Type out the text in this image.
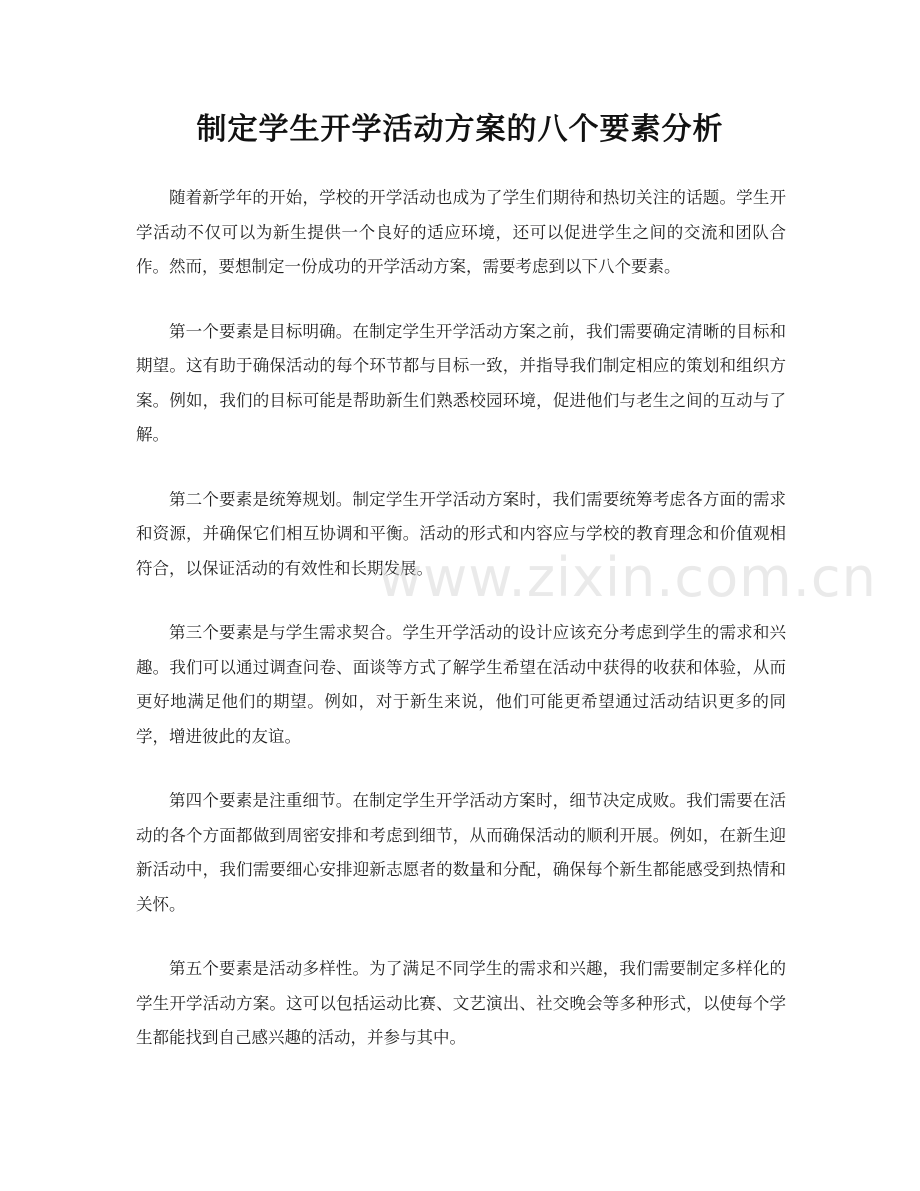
制定学生开学活动方案的八个要素分析

随着新学年的开始，学校的开学活动也成为了学生们期待和热切关注的话题。学生开学活动不仅可以为新生提供一个良好的适应环境，还可以促进学生之间的交流和团队合作。然而，要想制定一份成功的开学活动方案，需要考虑到以下八个要素。

第一个要素是目标明确。在制定学生开学活动方案之前，我们需要确定清晰的目标和期望。这有助于确保活动的每个环节都与目标一致，并指导我们制定相应的策划和组织方案。例如，我们的目标可能是帮助新生们熟悉校园环境，促进他们与老生之间的互动与了解。

第二个要素是统筹规划。制定学生开学活动方案时，我们需要统筹考虑各方面的需求和资源，并确保它们相互协调和平衡。活动的形式和内容应与学校的教育理念和价值观相符合，以保证活动的有效性和长期发展。

第三个要素是与学生需求契合。学生开学活动的设计应该充分考虑到学生的需求和兴趣。我们可以通过调查问卷、面谈等方式了解学生希望在活动中获得的收获和体验，从而更好地满足他们的期望。例如，对于新生来说，他们可能更希望通过活动结识更多的同学，增进彼此的友谊。

第四个要素是注重细节。在制定学生开学活动方案时，细节决定成败。我们需要在活动的各个方面都做到周密安排和考虑到细节，从而确保活动的顺利开展。例如，在新生迎新活动中，我们需要细心安排迎新志愿者的数量和分配，确保每个新生都能感受到热情和关怀。

第五个要素是活动多样性。为了满足不同学生的需求和兴趣，我们需要制定多样化的学生开学活动方案。这可以包括运动比赛、文艺演出、社交晚会等多种形式，以使每个学生都能找到自己感兴趣的活动，并参与其中。

www.zixin.com.cn
